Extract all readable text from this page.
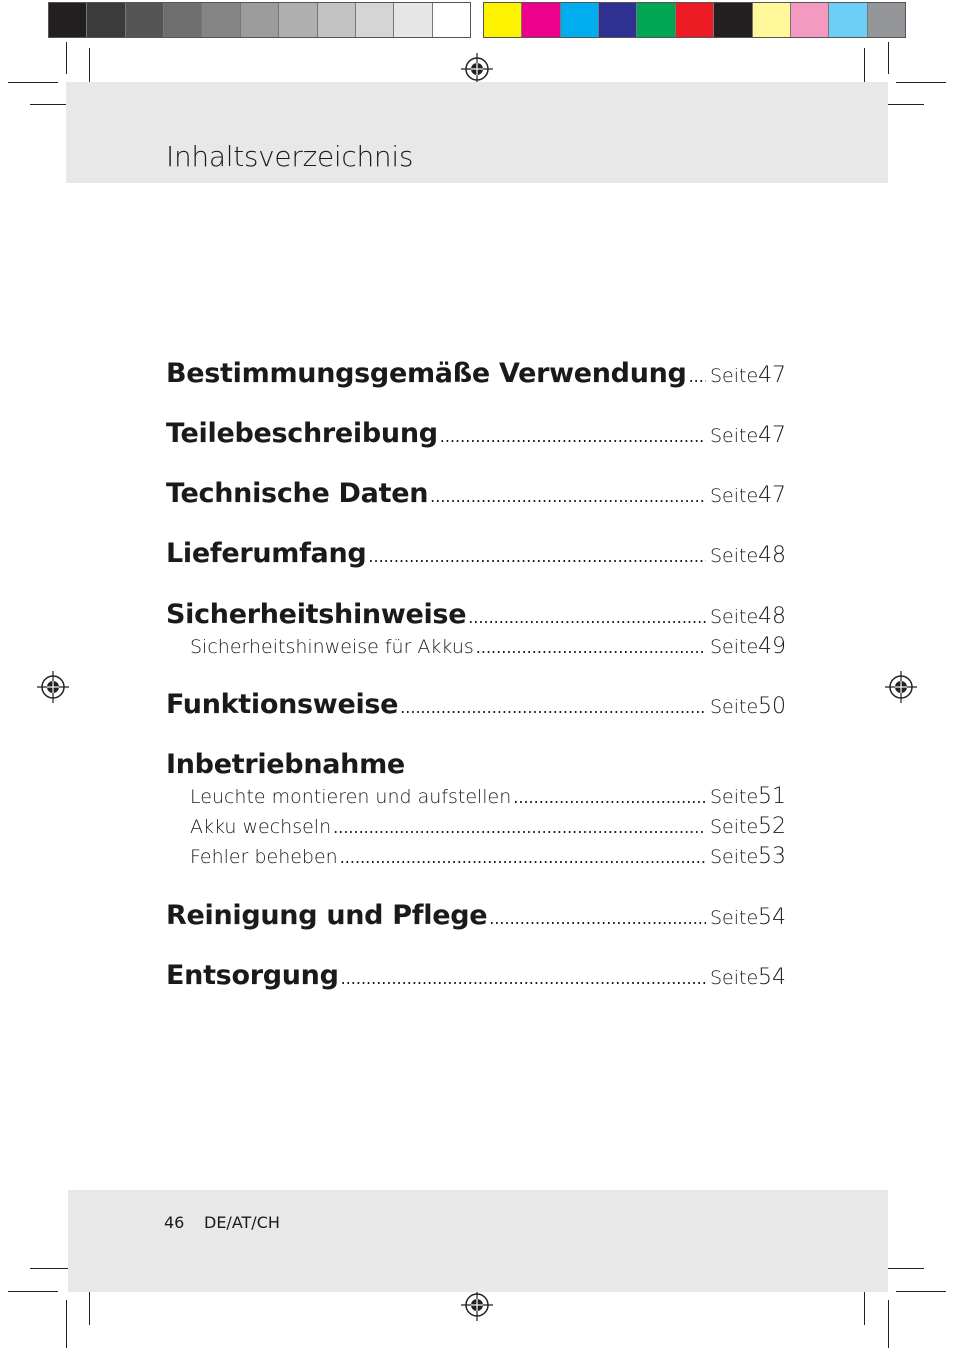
Inhaltsverzeichnis
Bestimmungsgemäße Verwendung ..... Seite 47
Teilebeschreibung .....	Seite 47
Technische Daten .....	Seite 47
Lieferumfang .....	Seite 48
Sicherheitshinweise .....	Seite 48
Sicherheitshinweise für Akkus .....	Seite 49
Funktionsweise .....	Seite 50
Inbetriebnahme
Leuchte montieren und aufstellen .....	Seite 51
Akku wechseln .....	Seite 52
Fehler beheben .....	Seite 53
Reinigung und Pflege .....	Seite 54
Entsorgung .....	Seite 54
46 DE/AT/CH
